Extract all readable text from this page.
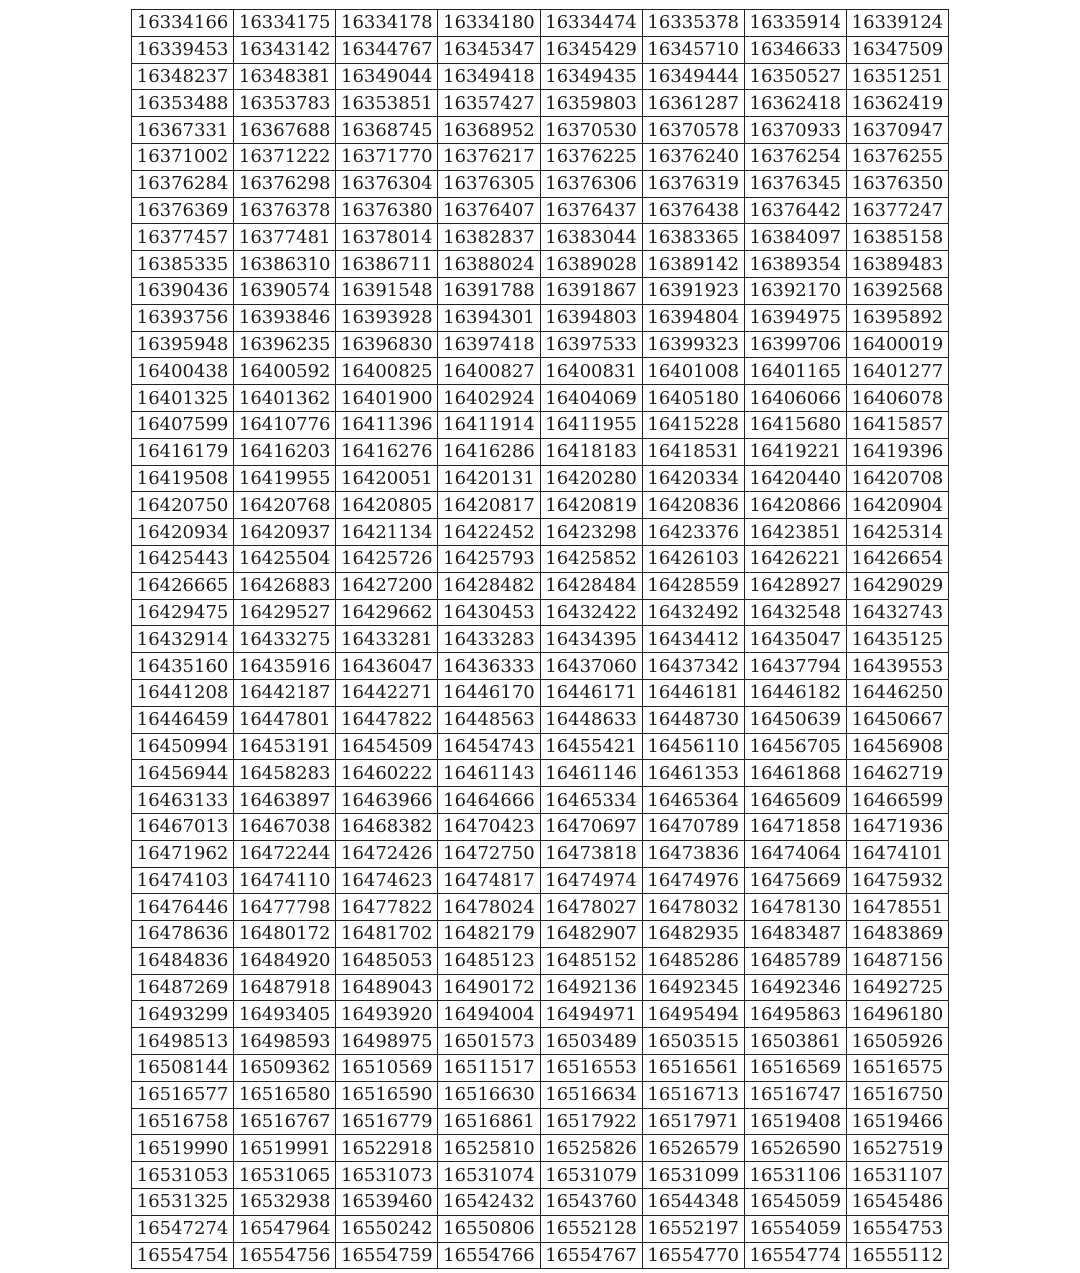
16334166	16334175	16334178	16334180	16334474	16335378	16335914	16339124
16339453	16343142	16344767	16345347	16345429	16345710	16346633	16347509
16348237	16348381	16349044	16349418	16349435	16349444	16350527	16351251
16353488	16353783	16353851	16357427	16359803	16361287	16362418	16362419
16367331	16367688	16368745	16368952	16370530	16370578	16370933	16370947
16371002	16371222	16371770	16376217	16376225	16376240	16376254	16376255
16376284	16376298	16376304	16376305	16376306	16376319	16376345	16376350
16376369	16376378	16376380	16376407	16376437	16376438	16376442	16377247
16377457	16377481	16378014	16382837	16383044	16383365	16384097	16385158
16385335	16386310	16386711	16388024	16389028	16389142	16389354	16389483
16390436	16390574	16391548	16391788	16391867	16391923	16392170	16392568
16393756	16393846	16393928	16394301	16394803	16394804	16394975	16395892
16395948	16396235	16396830	16397418	16397533	16399323	16399706	16400019
16400438	16400592	16400825	16400827	16400831	16401008	16401165	16401277
16401325	16401362	16401900	16402924	16404069	16405180	16406066	16406078
16407599	16410776	16411396	16411914	16411955	16415228	16415680	16415857
16416179	16416203	16416276	16416286	16418183	16418531	16419221	16419396
16419508	16419955	16420051	16420131	16420280	16420334	16420440	16420708
16420750	16420768	16420805	16420817	16420819	16420836	16420866	16420904
16420934	16420937	16421134	16422452	16423298	16423376	16423851	16425314
16425443	16425504	16425726	16425793	16425852	16426103	16426221	16426654
16426665	16426883	16427200	16428482	16428484	16428559	16428927	16429029
16429475	16429527	16429662	16430453	16432422	16432492	16432548	16432743
16432914	16433275	16433281	16433283	16434395	16434412	16435047	16435125
16435160	16435916	16436047	16436333	16437060	16437342	16437794	16439553
16441208	16442187	16442271	16446170	16446171	16446181	16446182	16446250
16446459	16447801	16447822	16448563	16448633	16448730	16450639	16450667
16450994	16453191	16454509	16454743	16455421	16456110	16456705	16456908
16456944	16458283	16460222	16461143	16461146	16461353	16461868	16462719
16463133	16463897	16463966	16464666	16465334	16465364	16465609	16466599
16467013	16467038	16468382	16470423	16470697	16470789	16471858	16471936
16471962	16472244	16472426	16472750	16473818	16473836	16474064	16474101
16474103	16474110	16474623	16474817	16474974	16474976	16475669	16475932
16476446	16477798	16477822	16478024	16478027	16478032	16478130	16478551
16478636	16480172	16481702	16482179	16482907	16482935	16483487	16483869
16484836	16484920	16485053	16485123	16485152	16485286	16485789	16487156
16487269	16487918	16489043	16490172	16492136	16492345	16492346	16492725
16493299	16493405	16493920	16494004	16494971	16495494	16495863	16496180
16498513	16498593	16498975	16501573	16503489	16503515	16503861	16505926
16508144	16509362	16510569	16511517	16516553	16516561	16516569	16516575
16516577	16516580	16516590	16516630	16516634	16516713	16516747	16516750
16516758	16516767	16516779	16516861	16517922	16517971	16519408	16519466
16519990	16519991	16522918	16525810	16525826	16526579	16526590	16527519
16531053	16531065	16531073	16531074	16531079	16531099	16531106	16531107
16531325	16532938	16539460	16542432	16543760	16544348	16545059	16545486
16547274	16547964	16550242	16550806	16552128	16552197	16554059	16554753
16554754	16554756	16554759	16554766	16554767	16554770	16554774	16555112
